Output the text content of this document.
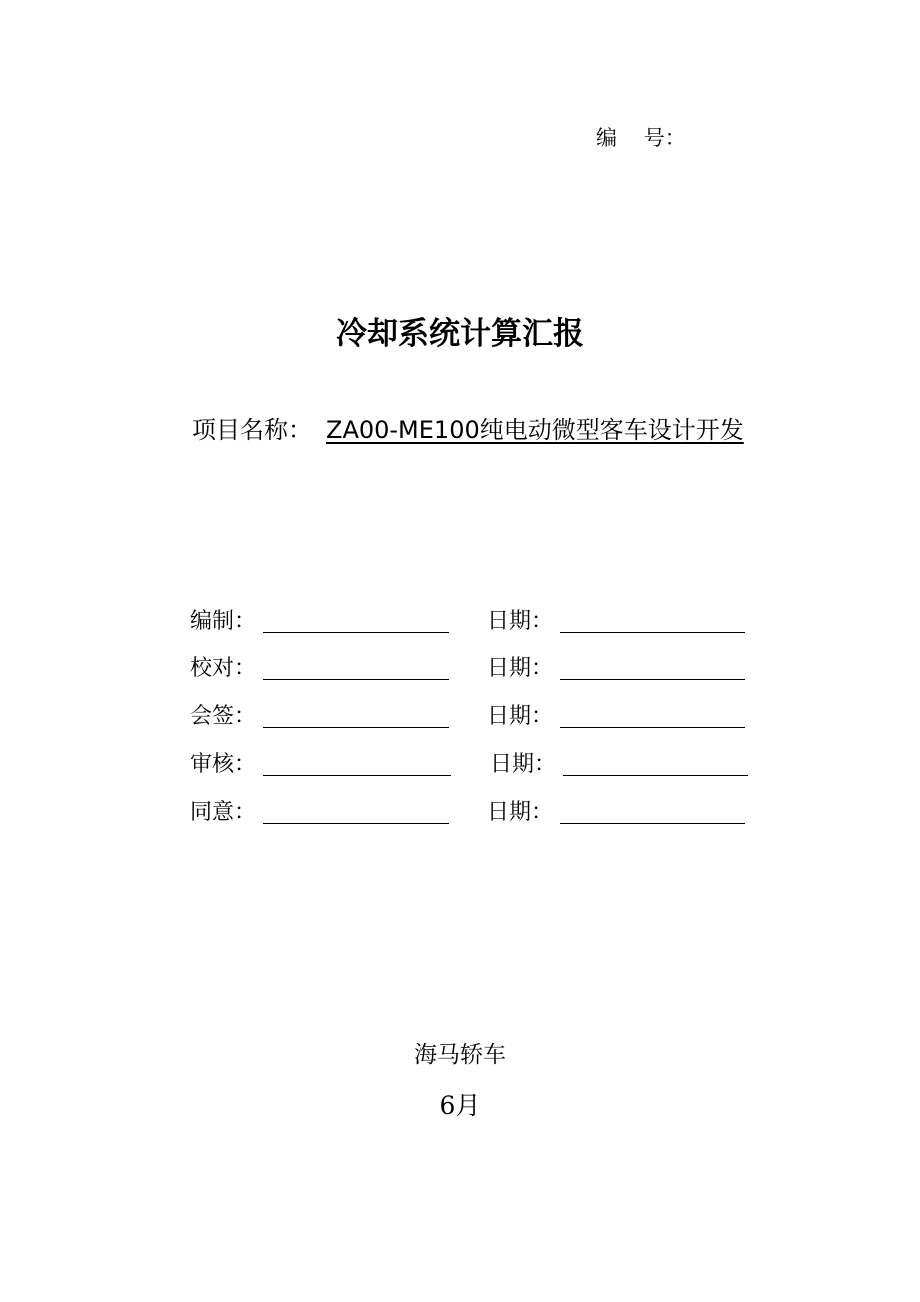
编    号：
冷却系统计算汇报
项目名称： ZA00-ME100纯电动微型客车设计开发
编制：	日期：
校对：	日期：
会签：	日期：
审核：	日期：
同意：	日期：
海马轿车
6月
